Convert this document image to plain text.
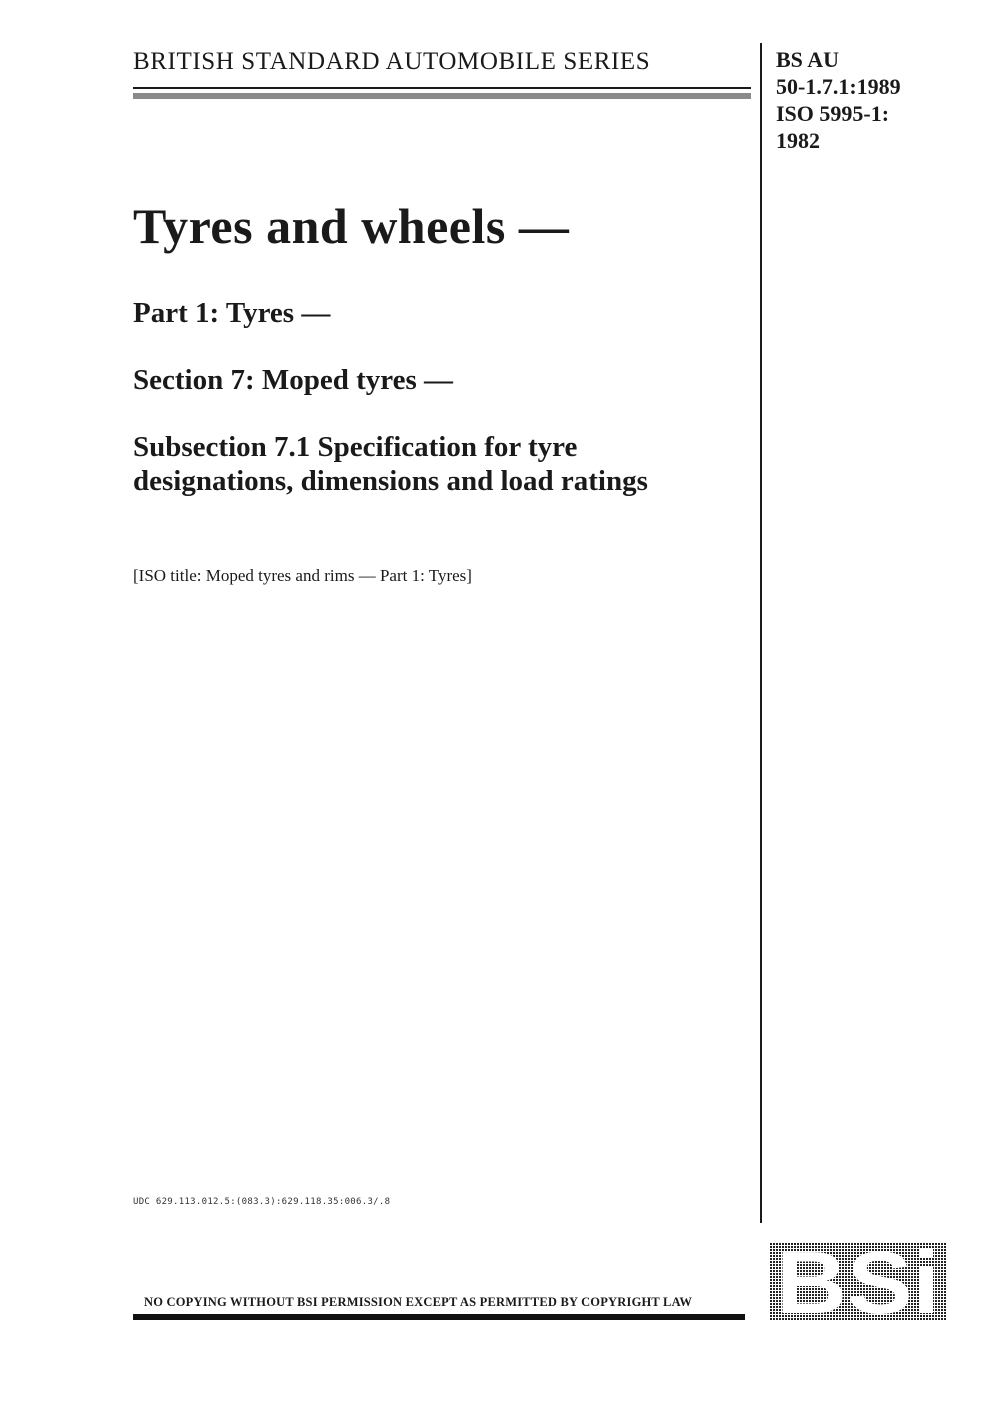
BRITISH STANDARD AUTOMOBILE SERIES	BS AU
50-1.7.1:1989
ISO 5995-1:
1982
Tyres and wheels —
Part 1: Tyres —
Section 7: Moped tyres —
Subsection 7.1 Specification for tyre designations, dimensions and load ratings
[ISO title: Moped tyres and rims — Part 1: Tyres]
UDC 629.113.012.5:(083.3):629.118.35:006.3/.8
NO COPYING WITHOUT BSI PERMISSION EXCEPT AS PERMITTED BY COPYRIGHT LAW BSi
